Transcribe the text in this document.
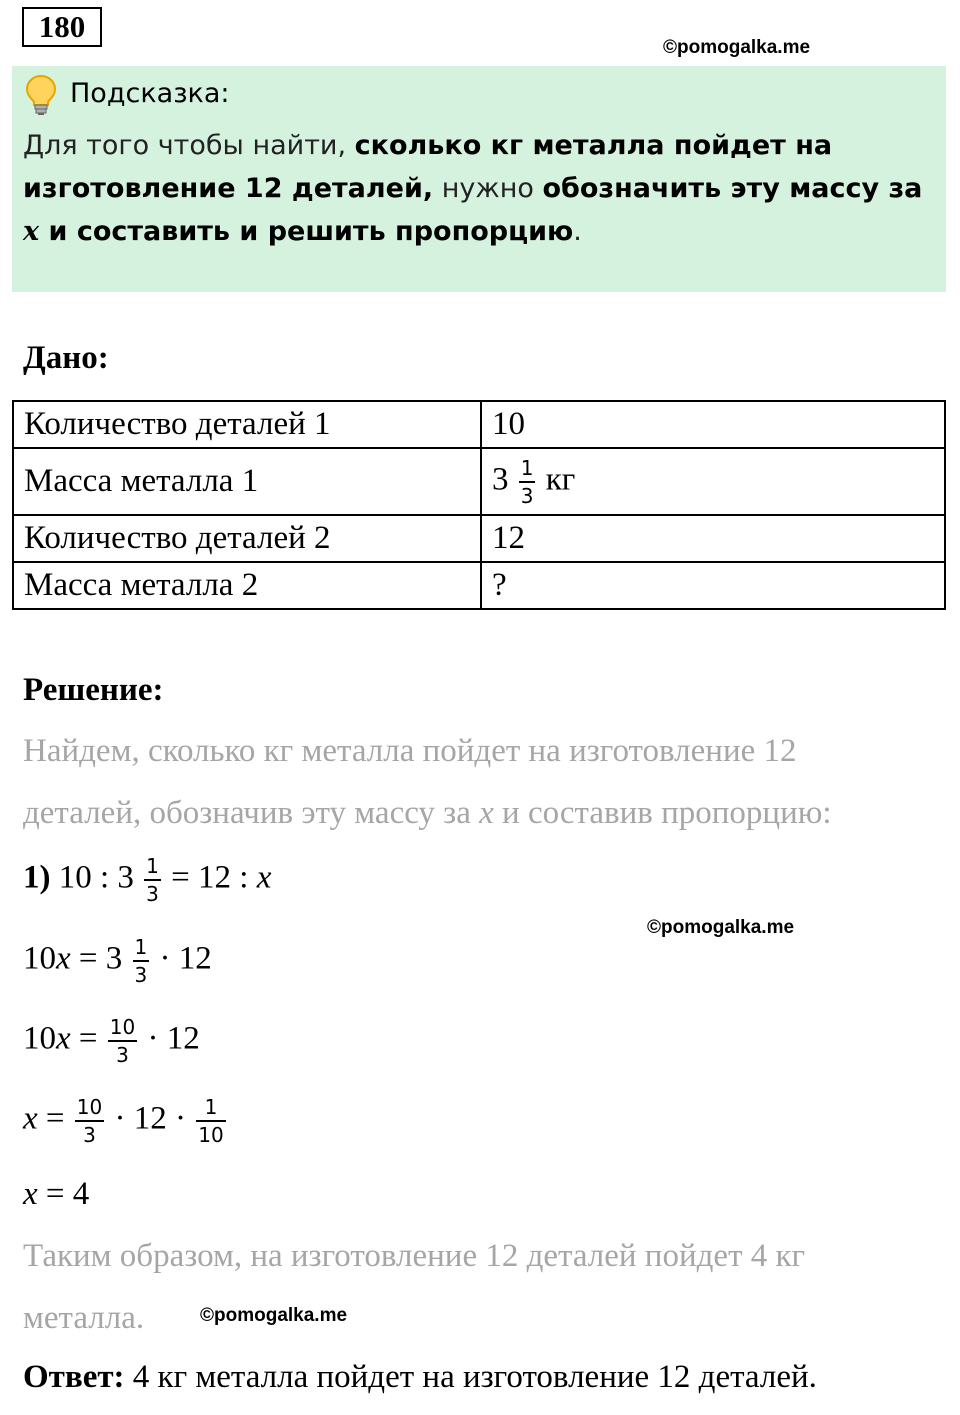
180
©pomogalka.me
Подсказка:
Для того чтобы найти, сколько кг металла пойдет на изготовление 12 деталей, нужно обозначить эту массу за x и составить и решить пропорцию.
Дано:
Количество деталей 1	10
Масса металла 1	$3 \frac{1}{3}$ кг
Количество деталей 2	12
Масса металла 2	?
Решение:
Найдем, сколько кг металла пойдет на изготовление 12
деталей, обозначив эту массу за x и составив пропорцию:
1) 10 : $3 \frac{1}{3} = 12$ : x
©pomogalka.me
$10x = 3 \frac{1}{3} \cdot 12$
$10x = \frac{10}{3} \cdot 12$
$x = \frac{10}{3} \cdot 12 \cdot \frac{1}{10}$
x = 4
Таким образом, на изготовление 12 деталей пойдет 4 кг
металла.	©pomogalka.me
Ответ: 4 кг металла пойдет на изготовление 12 деталей.
